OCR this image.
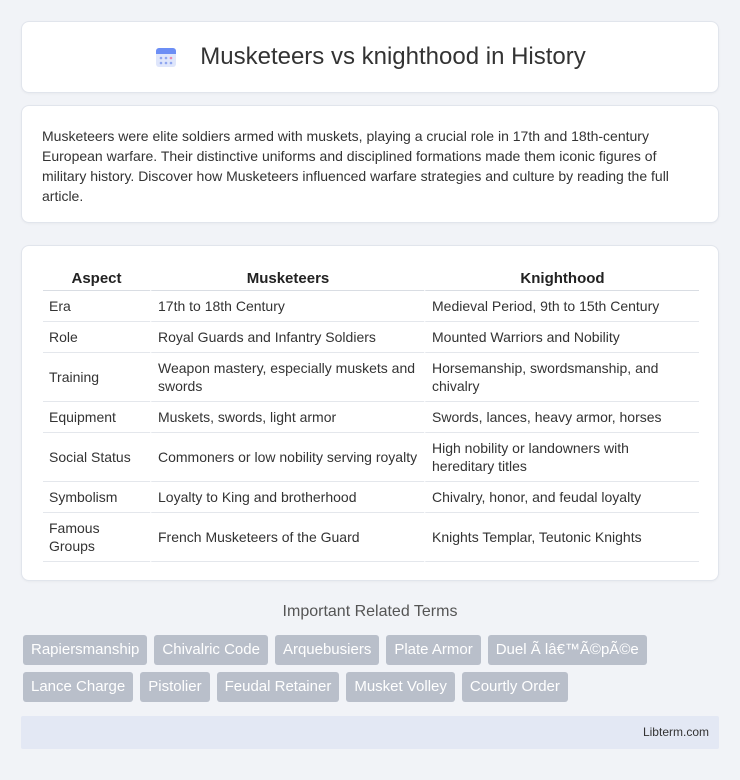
Musketeers vs knighthood in History

Musketeers were elite soldiers armed with muskets, playing a crucial role in 17th and 18th-century European warfare. Their distinctive uniforms and disciplined formations made them iconic figures of military history. Discover how Musketeers influenced warfare strategies and culture by reading the full article.

Aspect	Musketeers	Knighthood
Era	17th to 18th Century	Medieval Period, 9th to 15th Century
Role	Royal Guards and Infantry Soldiers	Mounted Warriors and Nobility
Training	Weapon mastery, especially muskets and swords	Horsemanship, swordsmanship, and chivalry
Equipment	Muskets, swords, light armor	Swords, lances, heavy armor, horses
Social Status	Commoners or low nobility serving royalty	High nobility or landowners with hereditary titles
Symbolism	Loyalty to King and brotherhood	Chivalry, honor, and feudal loyalty
Famous Groups	French Musketeers of the Guard	Knights Templar, Teutonic Knights
Important Related Terms
Rapiersmanship	Chivalric Code	Arquebusiers	Plate Armor	Duel Ã lâ€™Ã©pÃ©e
Lance Charge	Pistolier	Feudal Retainer	Musket Volley	Courtly Order
Libterm.com
